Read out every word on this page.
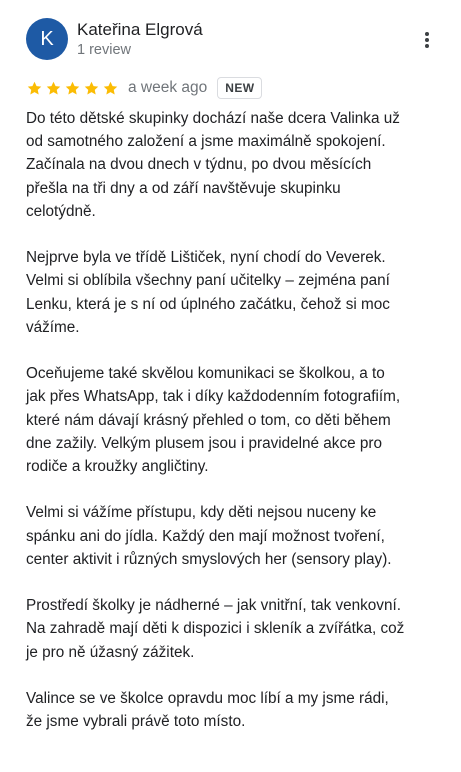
K	Kateřina Elgrová
1 review
a week ago	NEW

Do této dětské skupinky dochází naše dcera Valinka už
od samotného založení a jsme maximálně spokojení.
Začínala na dvou dnech v týdnu, po dvou měsících
přešla na tři dny a od září navštěvuje skupinku
celotýdně.

Nejprve byla ve třídě Lištiček, nyní chodí do Veverek.
Velmi si oblíbila všechny paní učitelky – zejména paní
Lenku, která je s ní od úplného začátku, čehož si moc
vážíme.

Oceňujeme také skvělou komunikaci se školkou, a to
jak přes WhatsApp, tak i díky každodenním fotografiím,
které nám dávají krásný přehled o tom, co děti během
dne zažily. Velkým plusem jsou i pravidelné akce pro
rodiče a kroužky angličtiny.

Velmi si vážíme přístupu, kdy děti nejsou nuceny ke
spánku ani do jídla. Každý den mají možnost tvoření,
center aktivit i různých smyslových her (sensory play).

Prostředí školky je nádherné – jak vnitřní, tak venkovní.
Na zahradě mají děti k dispozici i skleník a zvířátka, což
je pro ně úžasný zážitek.

Valince se ve školce opravdu moc líbí a my jsme rádi,
že jsme vybrali právě toto místo.
